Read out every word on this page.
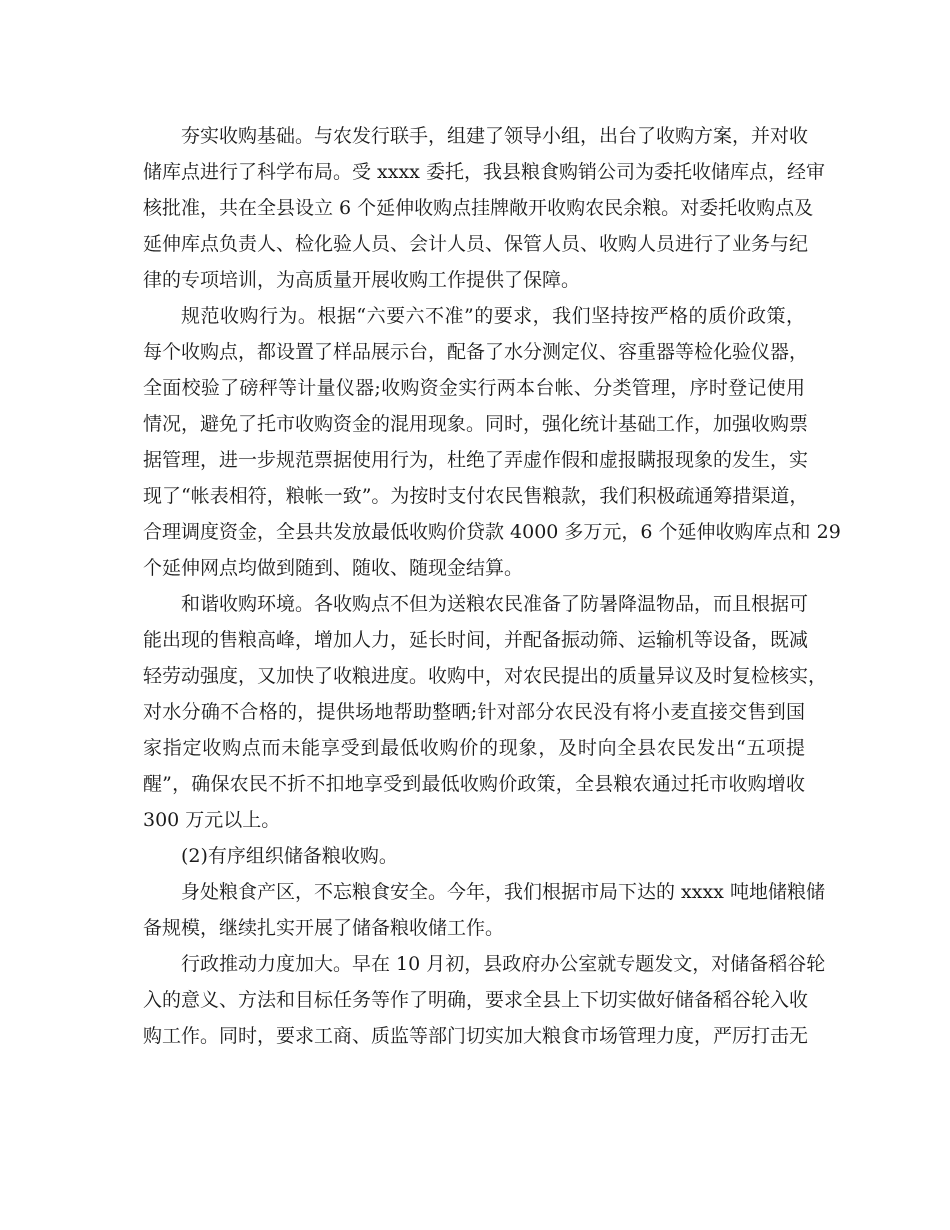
夯实收购基础。与农发行联手，组建了领导小组，出台了收购方案，并对收
储库点进行了科学布局。受 xxxx 委托，我县粮食购销公司为委托收储库点，经审
核批准，共在全县设立 6 个延伸收购点挂牌敞开收购农民余粮。对委托收购点及
延伸库点负责人、检化验人员、会计人员、保管人员、收购人员进行了业务与纪
律的专项培训，为高质量开展收购工作提供了保障。
规范收购行为。根据“六要六不准”的要求，我们坚持按严格的质价政策，
每个收购点，都设置了样品展示台，配备了水分测定仪、容重器等检化验仪器，
全面校验了磅秤等计量仪器;收购资金实行两本台帐、分类管理，序时登记使用
情况，避免了托市收购资金的混用现象。同时，强化统计基础工作，加强收购票
据管理，进一步规范票据使用行为，杜绝了弄虚作假和虚报瞒报现象的发生，实
现了“帐表相符，粮帐一致”。为按时支付农民售粮款，我们积极疏通筹措渠道，
合理调度资金，全县共发放最低收购价贷款 4000 多万元，6 个延伸收购库点和 29
个延伸网点均做到随到、随收、随现金结算。
和谐收购环境。各收购点不但为送粮农民准备了防暑降温物品，而且根据可
能出现的售粮高峰，增加人力，延长时间，并配备振动筛、运输机等设备，既减
轻劳动强度，又加快了收粮进度。收购中，对农民提出的质量异议及时复检核实，
对水分确不合格的，提供场地帮助整晒;针对部分农民没有将小麦直接交售到国
家指定收购点而未能享受到最低收购价的现象，及时向全县农民发出“五项提
醒”，确保农民不折不扣地享受到最低收购价政策，全县粮农通过托市收购增收
300 万元以上。
(2)有序组织储备粮收购。
身处粮食产区，不忘粮食安全。今年，我们根据市局下达的 xxxx 吨地储粮储
备规模，继续扎实开展了储备粮收储工作。
行政推动力度加大。早在 10 月初，县政府办公室就专题发文，对储备稻谷轮
入的意义、方法和目标任务等作了明确，要求全县上下切实做好储备稻谷轮入收
购工作。同时，要求工商、质监等部门切实加大粮食市场管理力度，严厉打击无
